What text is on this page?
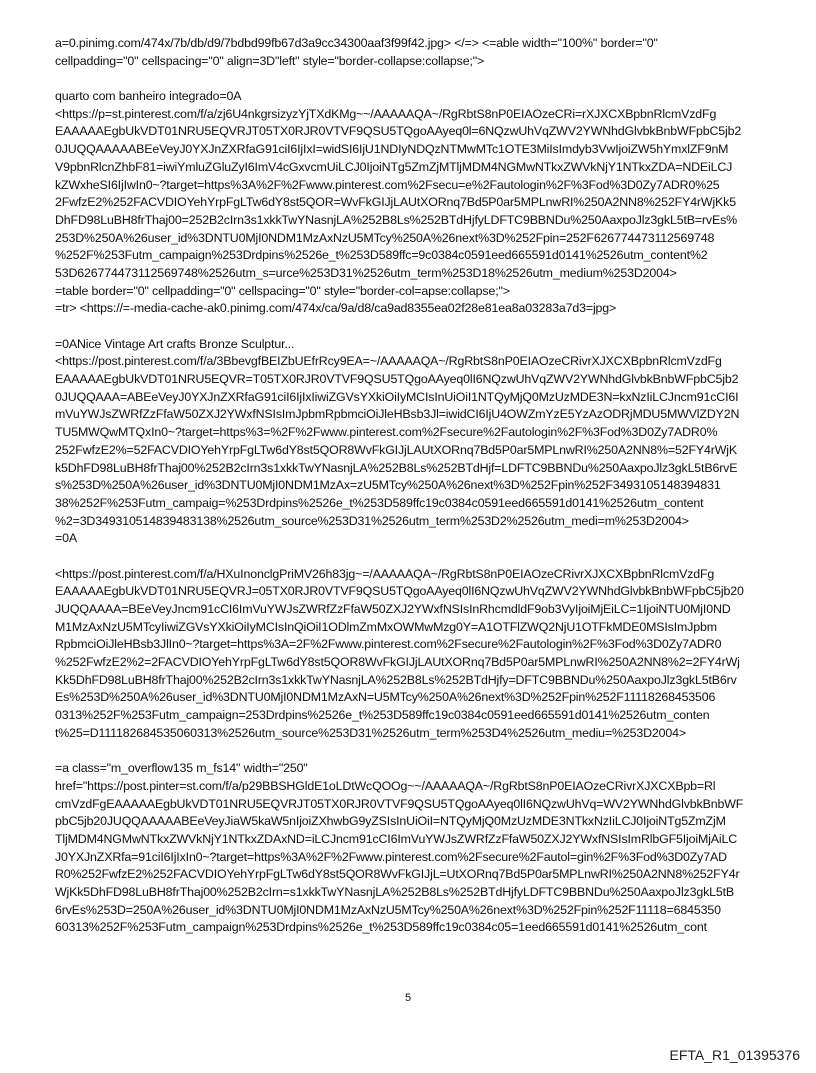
a=0.pinimg.com/474x/7b/db/d9/7bdbd99fb67d3a9cc34300aaf3f99f42.jpg> </=> <=able width="100%" border="0"
cellpadding="0" cellspacing="0" align=3D"left" style="border-collapse:collapse;">
quarto com banheiro integrado=0A
<https://p=st.pinterest.com/f/a/zj6U4nkgrsizyzYjTXdKMg~~/AAAAAQA~/RgRbtS8nP0EIAOzeCRi=rXJXCXBpbnRlcmVzdFg
EAAAAAEgbUkVDT01NRU5EQVRJT05TX0RJR0VTVF9QSU5TQgoAAyeq0l=6NQzwUhVqZWV2YWNhdGlvbkBnbWFpbC5jb2
0JUQQAAAAABEeVeyJ0YXJnZXRfaG91ciI6IjIxI=widSI6IjU1NDIyNDQzNTMwMTc1OTE3MiIsImdyb3VwIjoiZW5hYmxlZF9nM
V9pbnRlcnZhbF81=iwiYmluZGluZyI6ImV4cGxvcmUiLCJ0IjoiNTg5ZmZjMTljMDM4NGMwNTkxZWVkNjY1NTkxZDA=NDEiLCJ
kZWxheSI6IjIwIn0~?target=https%3A%2F%2Fwww.pinterest.com%2Fsecu=e%2Fautologin%2F%3Fod%3D0Zy7ADR0%25
2FwfzE2%252FACVDIOYehYrpFgLTw6dY8st5QOR=WvFkGIJjLAUtXORnq7Bd5P0ar5MPLnwRI%250A2NN8%252FY4rWjKk5
DhFD98LuBH8frThaj00=252B2cIrn3s1xkkTwYNasnjLA%252B8Ls%252BTdHjfyLDFTC9BBNDu%250AaxpoJlz3gkL5tB=rvEs%
253D%250A%26user_id%3DNTU0MjI0NDM1MzAxNzU5MTcy%250A%26next%3D%252Fpin=252F626774473112569748
%252F%253Futm_campaign%253Drdpins%2526e_t%253D589ffc=9c0384c0591eed665591d0141%2526utm_content%2
53D626774473112569748%2526utm_s=urce%253D31%2526utm_term%253D18%2526utm_medium%253D2004>
=table border="0" cellpadding="0" cellspacing="0" style="border-col=apse:collapse;">
=tr> <https://=-media-cache-ak0.pinimg.com/474x/ca/9a/d8/ca9ad8355ea02f28e81ea8a03283a7d3=jpg>
=0ANice Vintage Art crafts Bronze Sculptur...
<https://post.pinterest.com/f/a/3BbevgfBEIZbUEfrRcy9EA=~/AAAAAQA~/RgRbtS8nP0EIAOzeCRivrXJXCXBpbnRlcmVzdFg
EAAAAAEgbUkVDT01NRU5EQVR=T05TX0RJR0VTVF9QSU5TQgoAAyeq0lI6NQzwUhVqZWV2YWNhdGlvbkBnbWFpbC5jb2
0JUQQAAA=ABEeVeyJ0YXJnZXRfaG91ciI6IjIxIiwiZGVsYXkiOiIyMCIsInUiOiI1NTQyMjQ0MzUzMDE3N=kxNzIiLCJncm91cCI6I
mVuYWJsZWRfZzFfaW50ZXJ2YWxfNSIsImJpbmRpbmciOiJleHBsb3Jl=iwidCI6IjU4OWZmYzE5YzAzODRjMDU5MWVlZDY2N
TU5MWQwMTQxIn0~?target=https%3=%2F%2Fwww.pinterest.com%2Fsecure%2Fautologin%2F%3Fod%3D0Zy7ADR0%
252FwfzE2%=52FACVDIOYehYrpFgLTw6dY8st5QOR8WvFkGIJjLAUtXORnq7Bd5P0ar5MPLnwRI%250A2NN8%=52FY4rWjK
k5DhFD98LuBH8frThaj00%252B2cIrn3s1xkkTwYNasnjLA%252B8Ls%252BTdHjf=LDFTC9BBNDu%250AaxpoJlz3gkL5tB6rvE
s%253D%250A%26user_id%3DNTU0MjI0NDM1MzAx=zU5MTcy%250A%26next%3D%252Fpin%252F3493105148394831
38%252F%253Futm_campaig=%253Drdpins%2526e_t%253D589ffc19c0384c0591eed665591d0141%2526utm_content
%2=3D349310514839483138%2526utm_source%253D31%2526utm_term%253D2%2526utm_medi=m%253D2004>
=0A
<https://post.pinterest.com/f/a/HXuInonclgPriMV26h83jg~=/AAAAAQA~/RgRbtS8nP0EIAOzeCRivrXJXCXBpbnRlcmVzdFg
EAAAAAEgbUkVDT01NRU5EQVRJ=05TX0RJR0VTVF9QSU5TQgoAAyeq0lI6NQzwUhVqZWV2YWNhdGlvbkBnbWFpbC5jb20
JUQQAAAA=BEeVeyJncm91cCI6ImVuYWJsZWRfZzFfaW50ZXJ2YWxfNSIsInRhcmdldF9ob3VyIjoiMjEiLC=1IjoiNTU0MjI0ND
M1MzAxNzU5MTcyIiwiZGVsYXkiOiIyMCIsInQiOiI1ODlmZmMxOWMwMzg0Y=A1OTFlZWQ2NjU1OTFkMDE0MSIsImJpbm
RpbmciOiJleHBsb3JlIn0~?target=https%3A=2F%2Fwww.pinterest.com%2Fsecure%2Fautologin%2F%3Fod%3D0Zy7ADR0
%252FwfzE2%2=2FACVDIOYehYrpFgLTw6dY8st5QOR8WvFkGIJjLAUtXORnq7Bd5P0ar5MPLnwRI%250A2NN8%2=2FY4rWj
Kk5DhFD98LuBH8frThaj00%252B2cIrn3s1xkkTwYNasnjLA%252B8Ls%252BTdHjfy=DFTC9BBNDu%250AaxpoJlz3gkL5tB6rv
Es%253D%250A%26user_id%3DNTU0MjI0NDM1MzAxN=U5MTcy%250A%26next%3D%252Fpin%252F11118268453506
0313%252F%253Futm_campaign=253Drdpins%2526e_t%253D589ffc19c0384c0591eed665591d0141%2526utm_conten
t%25=D111182684535060313%2526utm_source%253D31%2526utm_term%253D4%2526utm_mediu=%253D2004>
=a class="m_overflow135 m_fs14" width="250"
href="https://post.pinter=st.com/f/a/p29BBSHGldE1oLDtWcQOOg~~/AAAAAQA~/RgRbtS8nP0EIAOzeCRivrXJXCXBpb=Rl
cmVzdFgEAAAAAEgbUkVDT01NRU5EQVRJT05TX0RJR0VTVF9QSU5TQgoAAyeq0lI6NQzwUhVq=WV2YWNhdGlvbkBnbWF
pbC5jb20JUQQAAAAABEeVeyJiaW5kaW5nIjoiZXhwbG9yZSIsInUiOiI=NTQyMjQ0MzUzMDE3NTkxNzIiLCJ0IjoiNTg5ZmZjM
TljMDM4NGMwNTkxZWVkNjY1NTkxZDAxND=iLCJncm91cCI6ImVuYWJsZWRfZzFfaW50ZXJ2YWxfNSIsImRlbGF5IjoiMjAiLC
J0YXJnZXRfa=91ciI6IjIxIn0~?target=https%3A%2F%2Fwww.pinterest.com%2Fsecure%2Fautol=gin%2F%3Fod%3D0Zy7AD
R0%252FwfzE2%252FACVDIOYehYrpFgLTw6dY8st5QOR8WvFkGIJjL=UtXORnq7Bd5P0ar5MPLnwRI%250A2NN8%252FY4r
WjKk5DhFD98LuBH8frThaj00%252B2cIrn=s1xkkTwYNasnjLA%252B8Ls%252BTdHjfyLDFTC9BBNDu%250AaxpoJlz3gkL5tB
6rvEs%253D=250A%26user_id%3DNTU0MjI0NDM1MzAxNzU5MTcy%250A%26next%3D%252Fpin%252F11118=6845350
60313%252F%253Futm_campaign%253Drdpins%2526e_t%253D589ffc19c0384c05=1eed665591d0141%2526utm_cont
5
EFTA_R1_01395376
